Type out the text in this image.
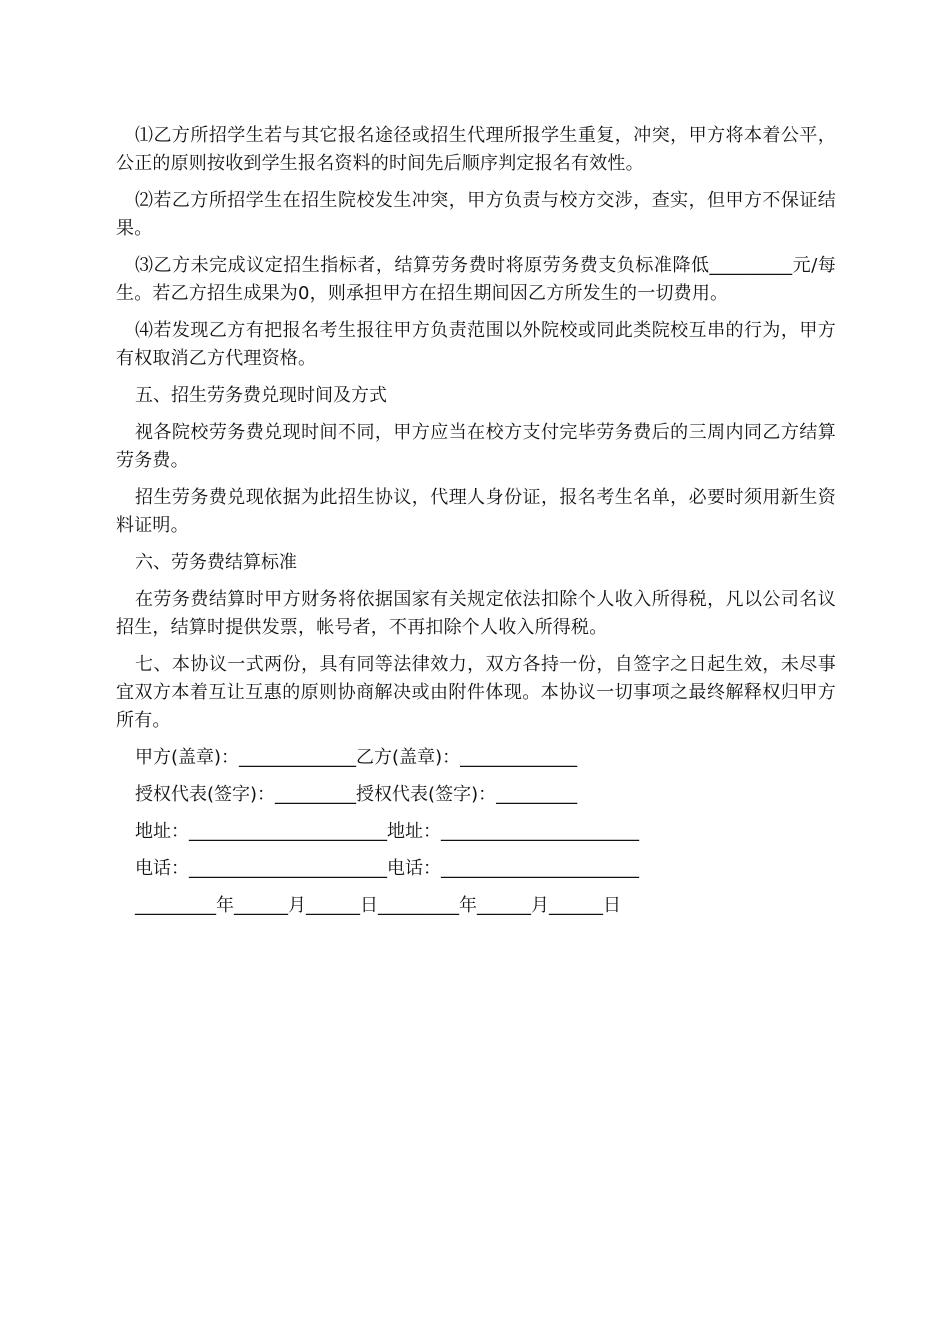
⑴乙方所招学生若与其它报名途径或招生代理所报学生重复，冲突，甲方将本着公平，公正的原则按收到学生报名资料的时间先后顺序判定报名有效性。

⑵若乙方所招学生在招生院校发生冲突，甲方负责与校方交涉，查实，但甲方不保证结果。

⑶乙方未完成议定招生指标者，结算劳务费时将原劳务费支负标准降低_________元/每生。若乙方招生成果为0，则承担甲方在招生期间因乙方所发生的一切费用。

⑷若发现乙方有把报名考生报往甲方负责范围以外院校或同此类院校互串的行为，甲方有权取消乙方代理资格。

五、招生劳务费兑现时间及方式

视各院校劳务费兑现时间不同，甲方应当在校方支付完毕劳务费后的三周内同乙方结算劳务费。

招生劳务费兑现依据为此招生协议，代理人身份证，报名考生名单，必要时须用新生资料证明。

六、劳务费结算标准

在劳务费结算时甲方财务将依据国家有关规定依法扣除个人收入所得税，凡以公司名议招生，结算时提供发票，帐号者，不再扣除个人收入所得税。

七、本协议一式两份，具有同等法律效力，双方各持一份，自签字之日起生效，未尽事宜双方本着互让互惠的原则协商解决或由附件体现。本协议一切事项之最终解释权归甲方所有。

甲方(盖章)：_____________乙方(盖章)：_____________
授权代表(签字)：_________授权代表(签字)：_________
地址：______________________地址：______________________
电话：______________________电话：______________________
_________年______月______日_________年______月______日
